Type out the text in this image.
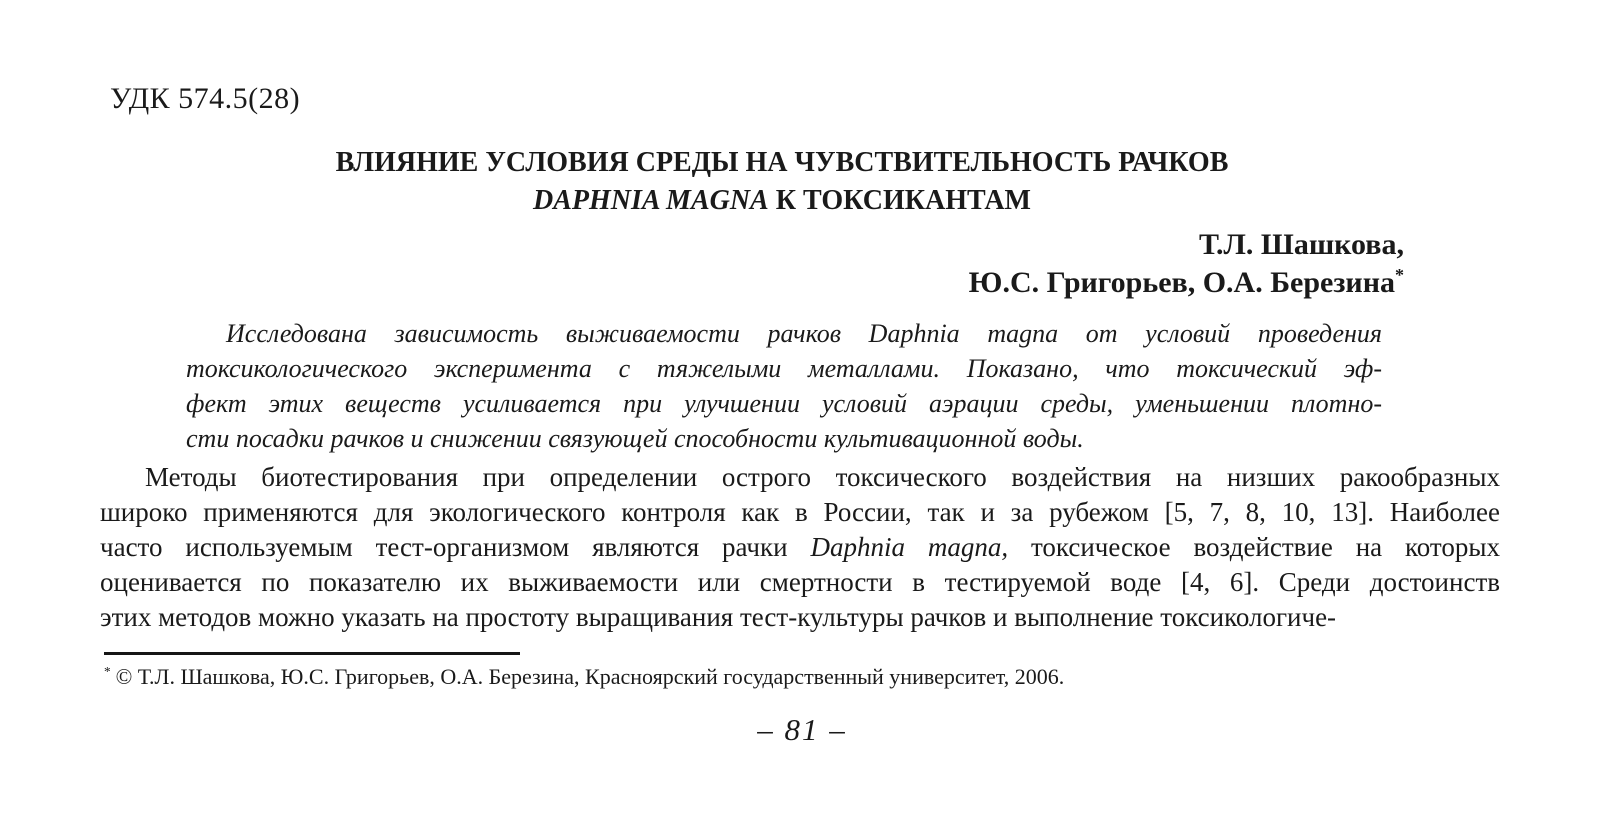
УДК 574.5(28)
ВЛИЯНИЕ УСЛОВИЯ СРЕДЫ НА ЧУВСТВИТЕЛЬНОСТЬ РАЧКОВ
DAPHNIA MAGNA К ТОКСИКАНТАМ
Т.Л. Шашкова,
Ю.С. Григорьев, О.А. Березина*
Исследована зависимость выживаемости рачков Daphnia magna от условий проведения
токсикологического эксперимента с тяжелыми металлами. Показано, что токсический эф-
фект этих веществ усиливается при улучшении условий аэрации среды, уменьшении плотно-
сти посадки рачков и снижении связующей способности культивационной воды.
Методы биотестирования при определении острого токсического воздействия на низших ракообразных
широко применяются для экологического контроля как в России, так и за рубежом [5, 7, 8, 10, 13]. Наиболее
часто используемым тест-организмом являются рачки Daphnia magna, токсическое воздействие на которых
оценивается по показателю их выживаемости или смертности в тестируемой воде [4, 6]. Среди достоинств
этих методов можно указать на простоту выращивания тест-культуры рачков и выполнение токсикологиче-
* © Т.Л. Шашкова, Ю.С. Григорьев, О.А. Березина, Красноярский государственный университет, 2006.
– 81 –
